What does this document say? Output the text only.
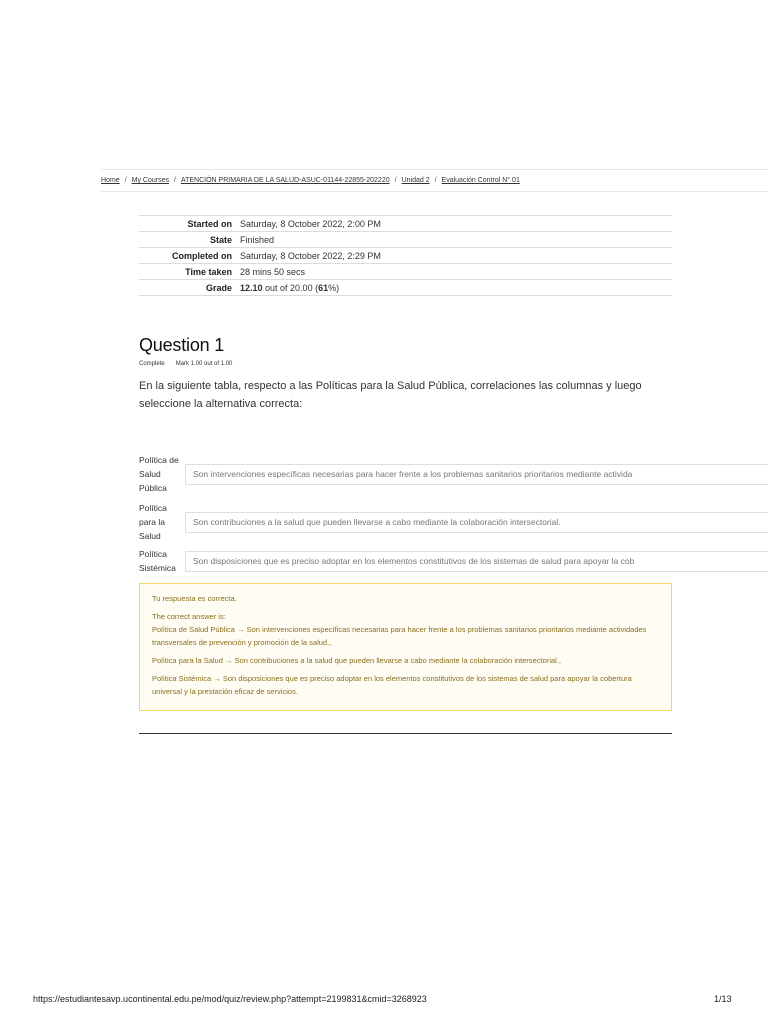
Home / My Courses / ATENCIÓN PRIMARIA DE LA SALUD-ASUC-01144-22855-202220 / Unidad 2 / Evaluación Control N° 01
Started on	Saturday, 8 October 2022, 2:00 PM
State	Finished
Completed on	Saturday, 8 October 2022, 2:29 PM
Time taken	28 mins 50 secs
Grade	12.10 out of 20.00 (61%)
Question 1
Complete Mark 1.00 out of 1.00
En la siguiente tabla, respecto a las Políticas para la Salud Pública, correlaciones las columnas y luego seleccione la alternativa correcta:
Política de Salud Pública
Son intervenciones específicas necesarias para hacer frente a los problemas sanitarios prioritarios mediante activida
Política para la Salud
Son contribuciones a la salud que pueden llevarse a cabo mediante la colaboración intersectorial.
Política Sistémica
Son disposiciones que es preciso adoptar en los elementos constitutivos de los sistemas de salud para apoyar la cob

Tu respuesta es correcta.

The correct answer is:

Política de Salud Pública → Son intervenciones específicas necesarias para hacer frente a los problemas sanitarios prioritarios mediante actividades transversales de prevención y promoción de la salud.,

Política para la Salud → Son contribuciones a la salud que pueden llevarse a cabo mediante la colaboración intersectorial.,

Política Sistémica → Son disposiciones que es preciso adoptar en los elementos constitutivos de los sistemas de salud para apoyar la cobertura universal y la prestación eficaz de servicios.

https://estudiantesavp.ucontinental.edu.pe/mod/quiz/review.php?attempt=2199831&cmid=3268923	1/13
